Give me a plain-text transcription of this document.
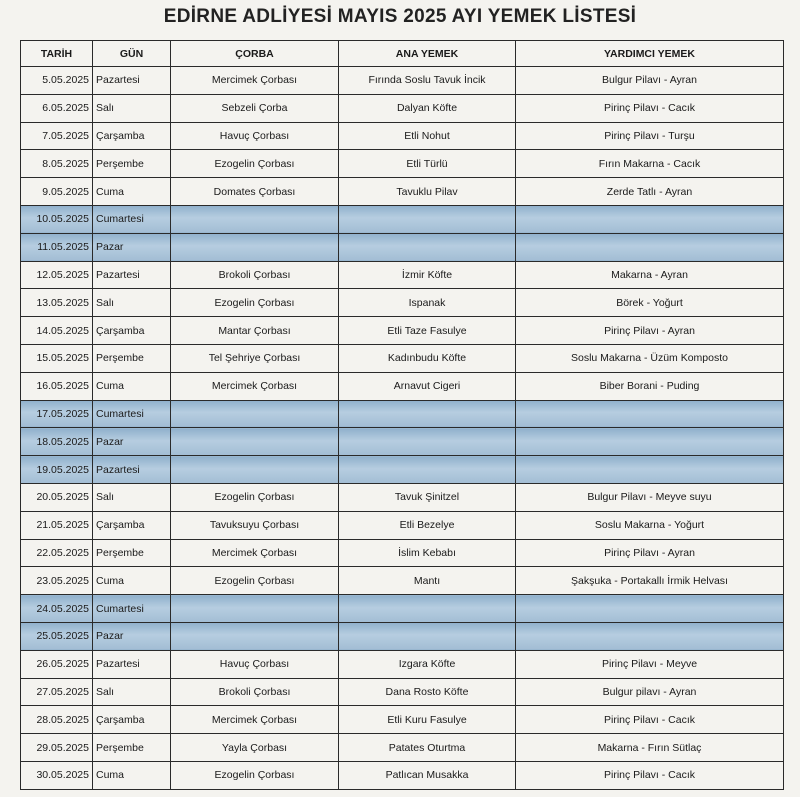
EDİRNE ADLİYESİ MAYIS 2025 AYI YEMEK LİSTESİ
TARİH	GÜN	ÇORBA	ANA YEMEK	YARDIMCI YEMEK
5.05.2025	Pazartesi	Mercimek Çorbası	Fırında Soslu Tavuk İncik	Bulgur Pilavı - Ayran
6.05.2025	Salı	Sebzeli Çorba	Dalyan Köfte	Pirinç Pilavı - Cacık
7.05.2025	Çarşamba	Havuç Çorbası	Etli Nohut	Pirinç Pilavı - Turşu
8.05.2025	Perşembe	Ezogelin Çorbası	Etli Türlü	Fırın Makarna - Cacık
9.05.2025	Cuma	Domates Çorbası	Tavuklu Pilav	Zerde Tatlı - Ayran
10.05.2025	Cumartesi			
11.05.2025	Pazar			
12.05.2025	Pazartesi	Brokoli Çorbası	İzmir Köfte	Makarna - Ayran
13.05.2025	Salı	Ezogelin Çorbası	Ispanak	Börek - Yoğurt
14.05.2025	Çarşamba	Mantar Çorbası	Etli Taze Fasulye	Pirinç Pilavı - Ayran
15.05.2025	Perşembe	Tel Şehriye Çorbası	Kadınbudu Köfte	Soslu Makarna - Üzüm Komposto
16.05.2025	Cuma	Mercimek Çorbası	Arnavut Cigeri	Biber Borani - Puding
17.05.2025	Cumartesi			
18.05.2025	Pazar			
19.05.2025	Pazartesi			
20.05.2025	Salı	Ezogelin Çorbası	Tavuk Şinitzel	Bulgur Pilavı - Meyve suyu
21.05.2025	Çarşamba	Tavuksuyu Çorbası	Etli Bezelye	Soslu Makarna - Yoğurt
22.05.2025	Perşembe	Mercimek Çorbası	İslim Kebabı	Pirinç Pilavı - Ayran
23.05.2025	Cuma	Ezogelin Çorbası	Mantı	Şakşuka - Portakallı İrmik Helvası
24.05.2025	Cumartesi			
25.05.2025	Pazar			
26.05.2025	Pazartesi	Havuç Çorbası	Izgara Köfte	Pirinç Pilavı - Meyve
27.05.2025	Salı	Brokoli Çorbası	Dana Rosto Köfte	Bulgur pilavı - Ayran
28.05.2025	Çarşamba	Mercimek Çorbası	Etli Kuru Fasulye	Pirinç Pilavı - Cacık
29.05.2025	Perşembe	Yayla Çorbası	Patates Oturtma	Makarna - Fırın Sütlaç
30.05.2025	Cuma	Ezogelin Çorbası	Patlıcan Musakka	Pirinç Pilavı - Cacık
